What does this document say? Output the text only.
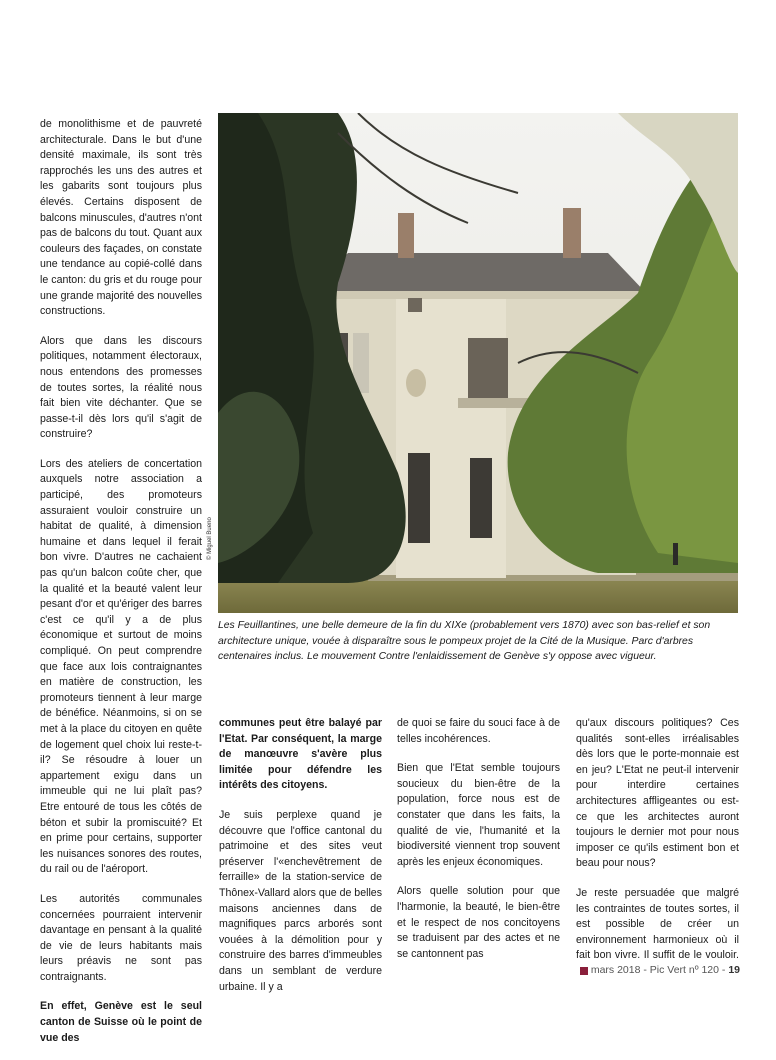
de monolithisme et de pauvreté architecturale. Dans le but d'une densité maximale, ils sont très rapprochés les uns des autres et les gabarits sont toujours plus élevés. Certains disposent de balcons minuscules, d'autres n'ont pas de balcons du tout. Quant aux couleurs des façades, on constate une tendance au copié-collé dans le canton: du gris et du rouge pour une grande majorité des nouvelles constructions.

Alors que dans les discours politiques, notamment électoraux, nous entendons des promesses de toutes sortes, la réalité nous fait bien vite déchanter. Que se passe-t-il dès lors qu'il s'agit de construire?

Lors des ateliers de concertation auxquels notre association a participé, des promoteurs assuraient vouloir construire un habitat de qualité, à dimension humaine et dans lequel il ferait bon vivre. D'autres ne cachaient pas qu'un balcon coûte cher, que la qualité et la beauté valent leur pesant d'or et qu'ériger des barres c'est ce qu'il y a de plus économique et surtout de moins compliqué. On peut comprendre que face aux lois contraignantes en matière de construction, les promoteurs tiennent à leur marge de bénéfice. Néanmoins, si on se met à la place du citoyen en quête de logement quel choix lui reste-t-il? Se résoudre à louer un appartement exigu dans un immeuble qui ne lui plaît pas? Etre entouré de tous les côtés de béton et subir la promiscuité? Et en prime pour certains, supporter les nuisances sonores des routes, du rail ou de l'aéroport.

Les autorités communales concernées pourraient intervenir davantage en pensant à la qualité de vie de leurs habitants mais leurs préavis ne sont pas contraignants.

En effet, Genève est le seul canton de Suisse où le point de vue des

© Miguel Bueno
Les Feuillantines, une belle demeure de la fin du XIXe (probablement vers 1870) avec son bas-relief et son architecture unique, vouée à disparaître sous le pompeux projet de la Cité de la Musique. Parc d'arbres centenaires inclus. Le mouvement Contre l'enlaidissement de Genève s'y oppose avec vigueur.

communes peut être balayé par l'Etat. Par conséquent, la marge de manœuvre s'avère plus limitée pour défendre les intérêts des citoyens.

Je suis perplexe quand je découvre que l'office cantonal du patrimoine et des sites veut préserver l'«enchevêtrement de ferraille» de la station-service de Thônex-Vallard alors que de belles maisons anciennes dans de magnifiques parcs arborés sont vouées à la démolition pour y construire des barres d'immeubles dans un semblant de verdure urbaine. Il y a

de quoi se faire du souci face à de telles incohérences.

Bien que l'Etat semble toujours soucieux du bien-être de la population, force nous est de constater que dans les faits, la qualité de vie, l'humanité et la biodiversité viennent trop souvent après les enjeux économiques.

Alors quelle solution pour que l'harmonie, la beauté, le bien-être et le respect de nos concitoyens se traduisent par des actes et ne se cantonnent pas

qu'aux discours politiques? Ces qualités sont-elles irréalisables dès lors que le porte-monnaie est en jeu? L'Etat ne peut-il intervenir pour interdire certaines architectures affligeantes ou est-ce que les architectes auront toujours le dernier mot pour nous imposer ce qu'ils estiment bon et beau pour nous?

Je reste persuadée que malgré les contraintes de toutes sortes, il est possible de créer un environnement harmonieux où il fait bon vivre. Il suffit de le vouloir.

mars 2018 - Pic Vert nº 120 - 19
